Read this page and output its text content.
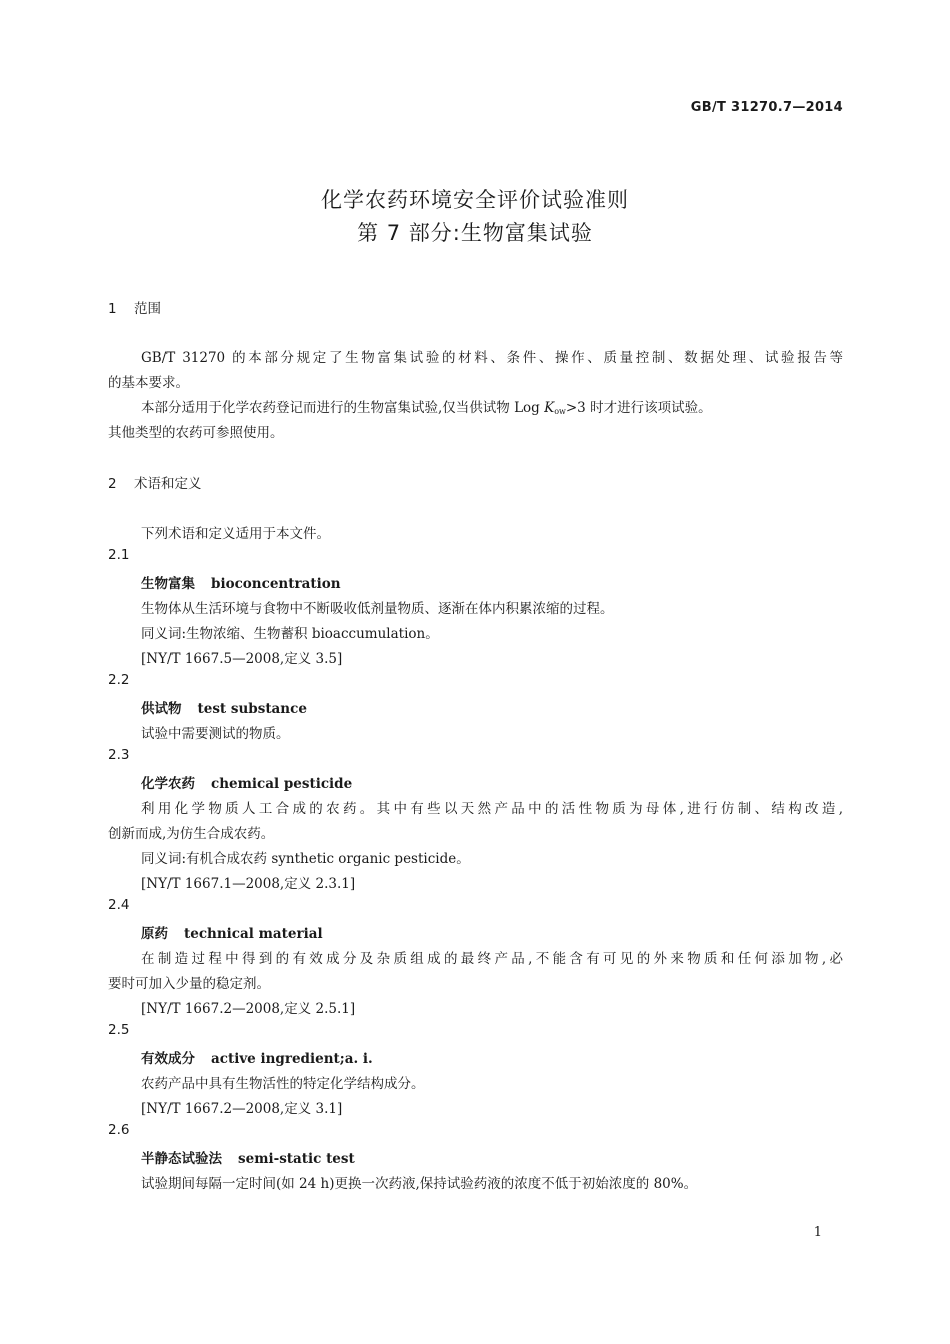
GB/T 31270.7—2014
化学农药环境安全评价试验准则
第 7 部分:生物富集试验
1 范围
GB/T 31270 的本部分规定了生物富集试验的材料、条件、操作、质量控制、数据处理、试验报告等
的基本要求。
本部分适用于化学农药登记而进行的生物富集试验,仅当供试物 Log $K_{ow}>3$ 时才进行该项试验。
其他类型的农药可参照使用。
2 术语和定义
下列术语和定义适用于本文件。
2.1
生物富集 bioconcentration
生物体从生活环境与食物中不断吸收低剂量物质、逐渐在体内积累浓缩的过程。
同义词:生物浓缩、生物蓄积 bioaccumulation。
[NY/T 1667.5—2008,定义 3.5]
2.2
供试物 test substance
试验中需要测试的物质。
2.3
化学农药 chemical pesticide
利用化学物质人工合成的农药。其中有些以天然产品中的活性物质为母体,进行仿制、结构改造,
创新而成,为仿生合成农药。
同义词:有机合成农药 synthetic organic pesticide。
[NY/T 1667.1—2008,定义 2.3.1]
2.4
原药 technical material
在制造过程中得到的有效成分及杂质组成的最终产品,不能含有可见的外来物质和任何添加物,必
要时可加入少量的稳定剂。
[NY/T 1667.2—2008,定义 2.5.1]
2.5
有效成分 active ingredient;a. i.
农药产品中具有生物活性的特定化学结构成分。
[NY/T 1667.2—2008,定义 3.1]
2.6
半静态试验法 semi-static test
试验期间每隔一定时间(如 24 h)更换一次药液,保持试验药液的浓度不低于初始浓度的 80%。
1
